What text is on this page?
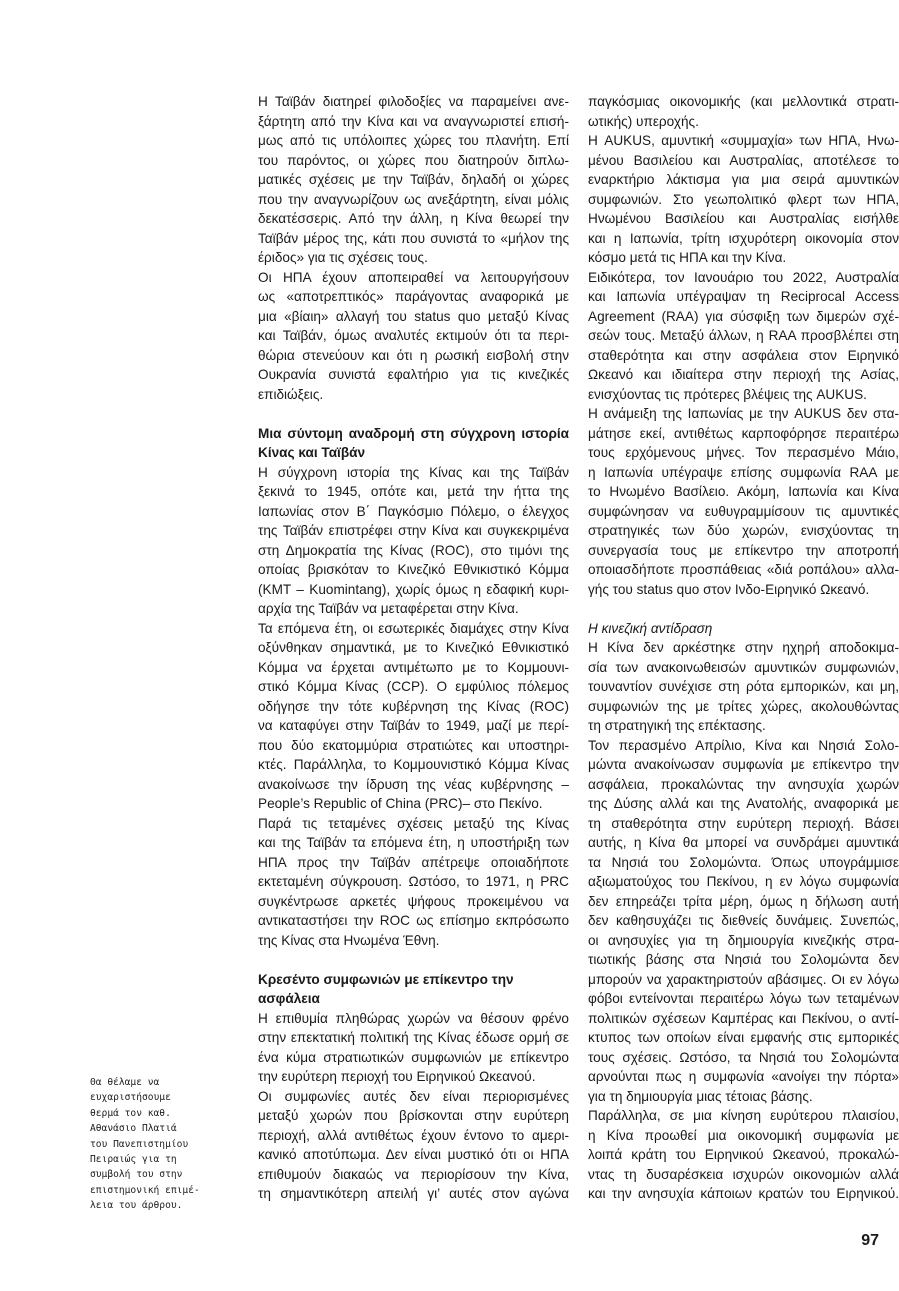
Η Ταϊβάν διατηρεί φιλοδοξίες να παραμείνει ανε-
ξάρτητη από την Κίνα και να αναγνωριστεί επισή-
μως από τις υπόλοιπες χώρες του πλανήτη. Επί
του παρόντος, οι χώρες που διατηρούν διπλω-
ματικές σχέσεις με την Ταϊβάν, δηλαδή οι χώρες
που την αναγνωρίζουν ως ανεξάρτητη, είναι μόλις
δεκατέσσερις. Από την άλλη, η Κίνα θεωρεί την
Ταϊβάν μέρος της, κάτι που συνιστά το «μήλον της
έριδος» για τις σχέσεις τους.
Οι ΗΠΑ έχουν αποπειραθεί να λειτουργήσουν
ως «αποτρεπτικός» παράγοντας αναφορικά με
μια «βίαιη» αλλαγή του status quo μεταξύ Κίνας
και Ταϊβάν, όμως αναλυτές εκτιμούν ότι τα περι-
θώρια στενεύουν και ότι η ρωσική εισβολή στην
Ουκρανία συνιστά εφαλτήριο για τις κινεζικές
επιδιώξεις.
Μια σύντομη αναδρομή στη σύγχρονη ιστορία
Κίνας και Ταϊβάν
Η σύγχρονη ιστορία της Κίνας και της Ταϊβάν
ξεκινά το 1945, οπότε και, μετά την ήττα της
Ιαπωνίας στον Β΄ Παγκόσμιο Πόλεμο, ο έλεγχος
της Ταϊβάν επιστρέφει στην Κίνα και συγκεκριμένα
στη Δημοκρατία της Κίνας (ROC), στο τιμόνι της
οποίας βρισκόταν το Κινεζικό Εθνικιστικό Κόμμα
(KMT – Kuomintang), χωρίς όμως η εδαφική κυρι-
αρχία της Ταϊβάν να μεταφέρεται στην Κίνα.
Τα επόμενα έτη, οι εσωτερικές διαμάχες στην Κίνα
οξύνθηκαν σημαντικά, με το Κινεζικό Εθνικιστικό
Κόμμα να έρχεται αντιμέτωπο με το Κομμουνι-
στικό Κόμμα Κίνας (CCP). Ο εμφύλιος πόλεμος
οδήγησε την τότε κυβέρνηση της Κίνας (ROC)
να καταφύγει στην Ταϊβάν το 1949, μαζί με περί-
που δύο εκατομμύρια στρατιώτες και υποστηρι-
κτές. Παράλληλα, το Κομμουνιστικό Κόμμα Κίνας
ανακοίνωσε την ίδρυση της νέας κυβέρνησης –
People’s Republic of China (PRC)– στο Πεκίνο.
Παρά τις τεταμένες σχέσεις μεταξύ της Κίνας
και της Ταϊβάν τα επόμενα έτη, η υποστήριξη των
ΗΠΑ προς την Ταϊβάν απέτρεψε οποιαδήποτε
εκτεταμένη σύγκρουση. Ωστόσο, το 1971, η PRC
συγκέντρωσε αρκετές ψήφους προκειμένου να
αντικαταστήσει την ROC ως επίσημο εκπρόσωπο
της Κίνας στα Ηνωμένα Έθνη.
Κρεσέντο συμφωνιών με επίκεντρο την
ασφάλεια
Η επιθυμία πληθώρας χωρών να θέσουν φρένο
στην επεκτατική πολιτική της Κίνας έδωσε ορμή σε
ένα κύμα στρατιωτικών συμφωνιών με επίκεντρο
την ευρύτερη περιοχή του Ειρηνικού Ωκεανού.
Οι συμφωνίες αυτές δεν είναι περιορισμένες
μεταξύ χωρών που βρίσκονται στην ευρύτερη
περιοχή, αλλά αντιθέτως έχουν έντονο το αμερι-
κανικό αποτύπωμα. Δεν είναι μυστικό ότι οι ΗΠΑ
επιθυμούν διακαώς να περιορίσουν την Κίνα,
τη σημαντικότερη απειλή γι’ αυτές στον αγώνα
παγκόσμιας οικονομικής (και μελλοντικά στρατι-
ωτικής) υπεροχής.
Η AUKUS, αμυντική «συμμαχία» των ΗΠΑ, Ηνω-
μένου Βασιλείου και Αυστραλίας, αποτέλεσε το
εναρκτήριο λάκτισμα για μια σειρά αμυντικών
συμφωνιών. Στο γεωπολιτικό φλερτ των ΗΠΑ,
Ηνωμένου Βασιλείου και Αυστραλίας εισήλθε
και η Ιαπωνία, τρίτη ισχυρότερη οικονομία στον
κόσμο μετά τις ΗΠΑ και την Κίνα.
Ειδικότερα, τον Ιανουάριο του 2022, Αυστραλία
και Ιαπωνία υπέγραψαν τη Reciprocal Access
Agreement (RAA) για σύσφιξη των διμερών σχέ-
σεών τους. Μεταξύ άλλων, η RAA προσβλέπει στη
σταθερότητα και στην ασφάλεια στον Ειρηνικό
Ωκεανό και ιδιαίτερα στην περιοχή της Ασίας,
ενισχύοντας τις πρότερες βλέψεις της AUKUS.
Η ανάμειξη της Ιαπωνίας με την AUKUS δεν στα-
μάτησε εκεί, αντιθέτως καρποφόρησε περαιτέρω
τους ερχόμενους μήνες. Τον περασμένο Μάιο,
η Ιαπωνία υπέγραψε επίσης συμφωνία RAA με
το Ηνωμένο Βασίλειο. Ακόμη, Ιαπωνία και Κίνα
συμφώνησαν να ευθυγραμμίσουν τις αμυντικές
στρατηγικές των δύο χωρών, ενισχύοντας τη
συνεργασία τους με επίκεντρο την αποτροπή
οποιασδήποτε προσπάθειας «διά ροπάλου» αλλα-
γής του status quo στον Ινδο-Ειρηνικό Ωκεανό.
Η κινεζική αντίδραση
Η Κίνα δεν αρκέστηκε στην ηχηρή αποδοκιμα-
σία των ανακοινωθεισών αμυντικών συμφωνιών,
τουναντίον συνέχισε στη ρότα εμπορικών, και μη,
συμφωνιών της με τρίτες χώρες, ακολουθώντας
τη στρατηγική της επέκτασης.
Τον περασμένο Απρίλιο, Κίνα και Νησιά Σολο-
μώντα ανακοίνωσαν συμφωνία με επίκεντρο την
ασφάλεια, προκαλώντας την ανησυχία χωρών
της Δύσης αλλά και της Ανατολής, αναφορικά με
τη σταθερότητα στην ευρύτερη περιοχή. Βάσει
αυτής, η Κίνα θα μπορεί να συνδράμει αμυντικά
τα Νησιά του Σολομώντα. Όπως υπογράμμισε
αξιωματούχος του Πεκίνου, η εν λόγω συμφωνία
δεν επηρεάζει τρίτα μέρη, όμως η δήλωση αυτή
δεν καθησυχάζει τις διεθνείς δυνάμεις. Συνεπώς,
οι ανησυχίες για τη δημιουργία κινεζικής στρα-
τιωτικής βάσης στα Νησιά του Σολομώντα δεν
μπορούν να χαρακτηριστούν αβάσιμες. Οι εν λόγω
φόβοι εντείνονται περαιτέρω λόγω των τεταμένων
πολιτικών σχέσεων Καμπέρας και Πεκίνου, ο αντί-
κτυπος των οποίων είναι εμφανής στις εμπορικές
τους σχέσεις. Ωστόσο, τα Νησιά του Σολομώντα
αρνούνται πως η συμφωνία «ανοίγει την πόρτα»
για τη δημιουργία μιας τέτοιας βάσης.
Παράλληλα, σε μια κίνηση ευρύτερου πλαισίου,
η Κίνα προωθεί μια οικονομική συμφωνία με
λοιπά κράτη του Ειρηνικού Ωκεανού, προκαλώ-
ντας τη δυσαρέσκεια ισχυρών οικονομιών αλλά
και την ανησυχία κάποιων κρατών του Ειρηνικού.
Θα θέλαμε να
ευχαριστήσουμε
θερμά τον καθ.
Αθανάσιο Πλατιά
του Πανεπιστημίου
Πειραιώς για τη
συμβολή του στην
επιστημονική επιμέ-
λεια του άρθρου.
97
